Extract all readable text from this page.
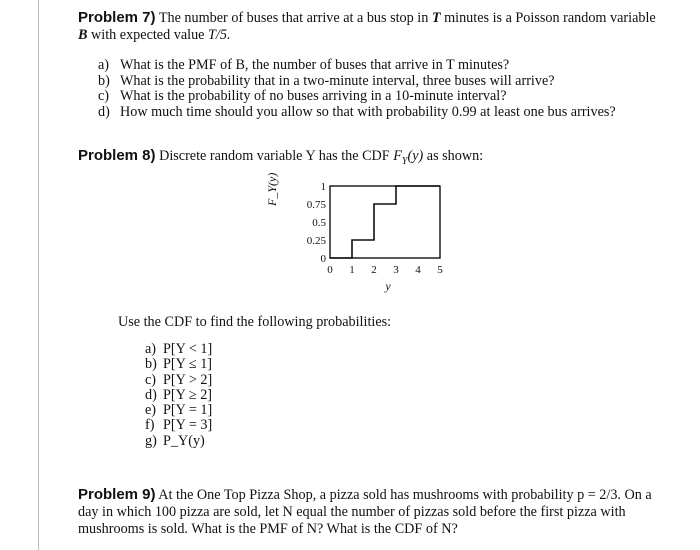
Problem 7) The number of buses that arrive at a bus stop in T minutes is a Poisson random variable B with expected value T/5.
a) What is the PMF of B, the number of buses that arrive in T minutes?
b) What is the probability that in a two-minute interval, three buses will arrive?
c) What is the probability of no buses arriving in a 10-minute interval?
d) How much time should you allow so that with probability 0.99 at least one bus arrives?
Problem 8) Discrete random variable Y has the CDF $F_Y(y)$ as shown:
F_Y(y)
0
0.25
0.5
0.75
1
0 1 2 3 4 5
y
Use the CDF to find the following probabilities:
a) P[Y < 1]
b) P[Y ≤ 1]
c) P[Y > 2]
d) P[Y ≥ 2]
e) P[Y = 1]
f) P[Y = 3]
g) P_Y(y)
Problem 9) At the One Top Pizza Shop, a pizza sold has mushrooms with probability p = 2/3. On a day in which 100 pizza are sold, let N equal the number of pizzas sold before the first pizza with mushrooms is sold. What is the PMF of N? What is the CDF of N?
